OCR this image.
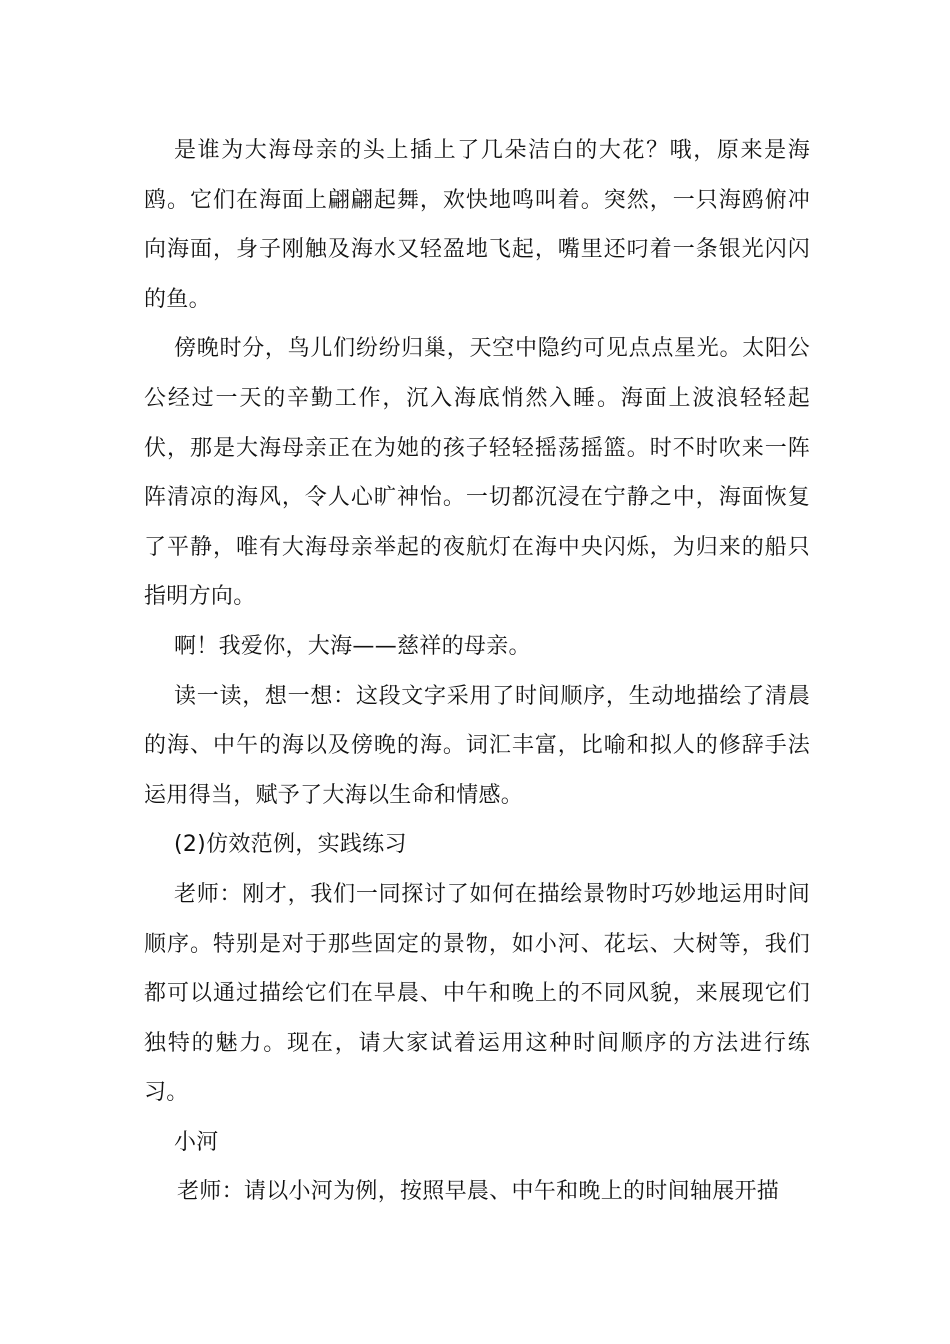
是谁为大海母亲的头上插上了几朵洁白的大花？哦，原来是海鸥。它们在海面上翩翩起舞，欢快地鸣叫着。突然，一只海鸥俯冲向海面，身子刚触及海水又轻盈地飞起，嘴里还叼着一条银光闪闪的鱼。

傍晚时分，鸟儿们纷纷归巢，天空中隐约可见点点星光。太阳公公经过一天的辛勤工作，沉入海底悄然入睡。海面上波浪轻轻起伏，那是大海母亲正在为她的孩子轻轻摇荡摇篮。时不时吹来一阵阵清凉的海风，令人心旷神怡。一切都沉浸在宁静之中，海面恢复了平静，唯有大海母亲举起的夜航灯在海中央闪烁，为归来的船只指明方向。

啊！我爱你，大海——慈祥的母亲。

读一读，想一想：这段文字采用了时间顺序，生动地描绘了清晨的海、中午的海以及傍晚的海。词汇丰富，比喻和拟人的修辞手法运用得当，赋予了大海以生命和情感。

(2)仿效范例，实践练习

老师：刚才，我们一同探讨了如何在描绘景物时巧妙地运用时间顺序。特别是对于那些固定的景物，如小河、花坛、大树等，我们都可以通过描绘它们在早晨、中午和晚上的不同风貌，来展现它们独特的魅力。现在，请大家试着运用这种时间顺序的方法进行练习。

小河

老师：请以小河为例，按照早晨、中午和晚上的时间轴展开描
